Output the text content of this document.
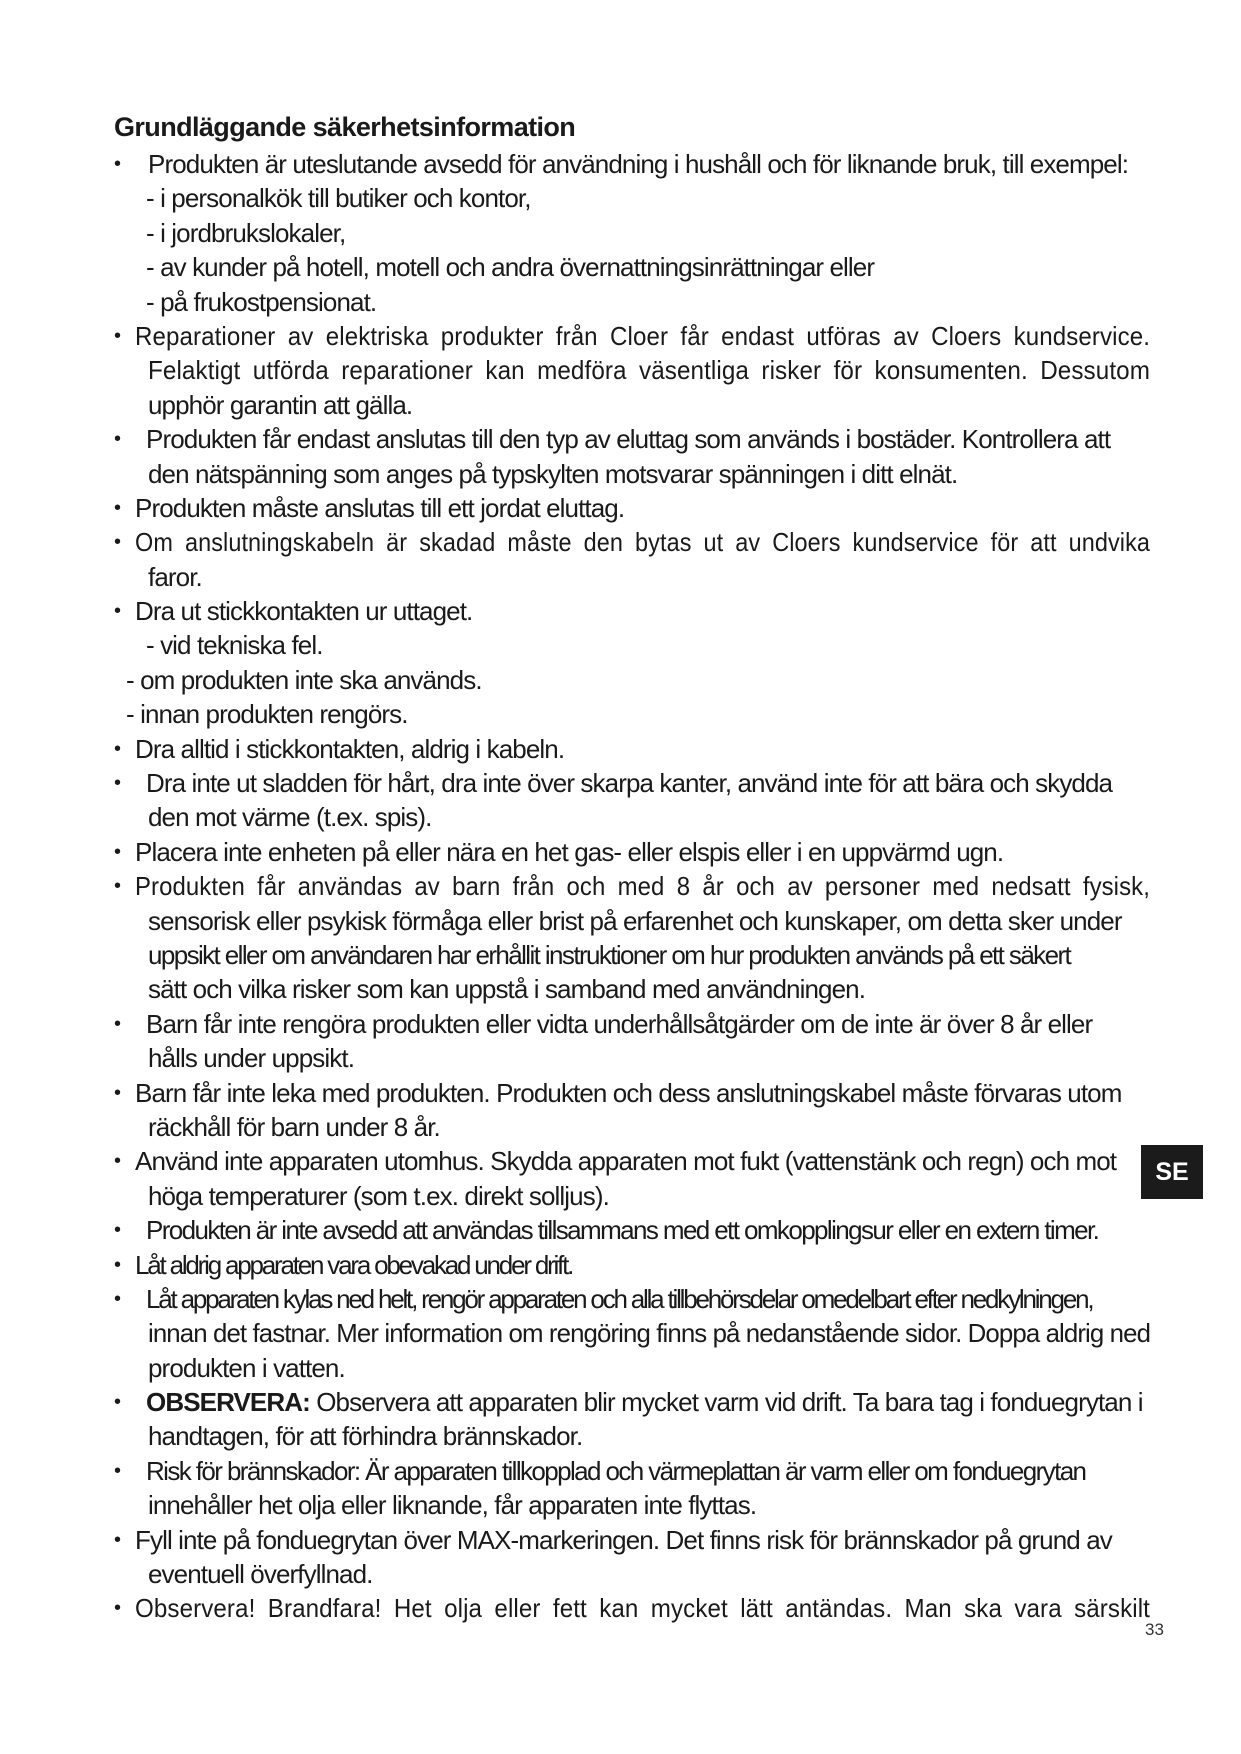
Grundläggande säkerhetsinformation
• Produkten är uteslutande avsedd för användning i hushåll och för liknande bruk, till exempel:
- i personalkök till butiker och kontor,
- i jordbrukslokaler,
- av kunder på hotell, motell och andra övernattningsinrättningar eller
- på frukostpensionat.
• Reparationer av elektriska produkter från Cloer får endast utföras av Cloers kundservice.
Felaktigt utförda reparationer kan medföra väsentliga risker för konsumenten. Dessutom
upphör garantin att gälla.
• Produkten får endast anslutas till den typ av eluttag som används i bostäder. Kontrollera att
den nätspänning som anges på typskylten motsvarar spänningen i ditt elnät.
• Produkten måste anslutas till ett jordat eluttag.
• Om anslutningskabeln är skadad måste den bytas ut av Cloers kundservice för att undvika
faror.
• Dra ut stickkontakten ur uttaget.
- vid tekniska fel.
- om produkten inte ska används.
- innan produkten rengörs.
• Dra alltid i stickkontakten, aldrig i kabeln.
• Dra inte ut sladden för hårt, dra inte över skarpa kanter, använd inte för att bära och skydda
den mot värme (t.ex. spis).
• Placera inte enheten på eller nära en het gas- eller elspis eller i en uppvärmd ugn.
• Produkten får användas av barn från och med 8 år och av personer med nedsatt fysisk,
sensorisk eller psykisk förmåga eller brist på erfarenhet och kunskaper, om detta sker under
uppsikt eller om användaren har erhållit instruktioner om hur produkten används på ett säkert
sätt och vilka risker som kan uppstå i samband med användningen.
• Barn får inte rengöra produkten eller vidta underhållsåtgärder om de inte är över 8 år eller
hålls under uppsikt.
• Barn får inte leka med produkten. Produkten och dess anslutningskabel måste förvaras utom
räckhåll för barn under 8 år.
• Använd inte apparaten utomhus. Skydda apparaten mot fukt (vattenstänk och regn) och mot
höga temperaturer (som t.ex. direkt solljus).
• Produkten är inte avsedd att användas tillsammans med ett omkopplingsur eller en extern timer.
• Låt aldrig apparaten vara obevakad under drift.
• Låt apparaten kylas ned helt, rengör apparaten och alla tillbehörsdelar omedelbart efter nedkylningen,
innan det fastnar. Mer information om rengöring finns på nedanstående sidor. Doppa aldrig ned
produkten i vatten.
• OBSERVERA: Observera att apparaten blir mycket varm vid drift. Ta bara tag i fonduegrytan i
handtagen, för att förhindra brännskador.
• Risk för brännskador: Är apparaten tillkopplad och värmeplattan är varm eller om fonduegrytan
innehåller het olja eller liknande, får apparaten inte flyttas.
• Fyll inte på fonduegrytan över MAX-markeringen. Det finns risk för brännskador på grund av
eventuell överfyllnad.
• Observera! Brandfara! Het olja eller fett kan mycket lätt antändas. Man ska vara särskilt
SE
33
